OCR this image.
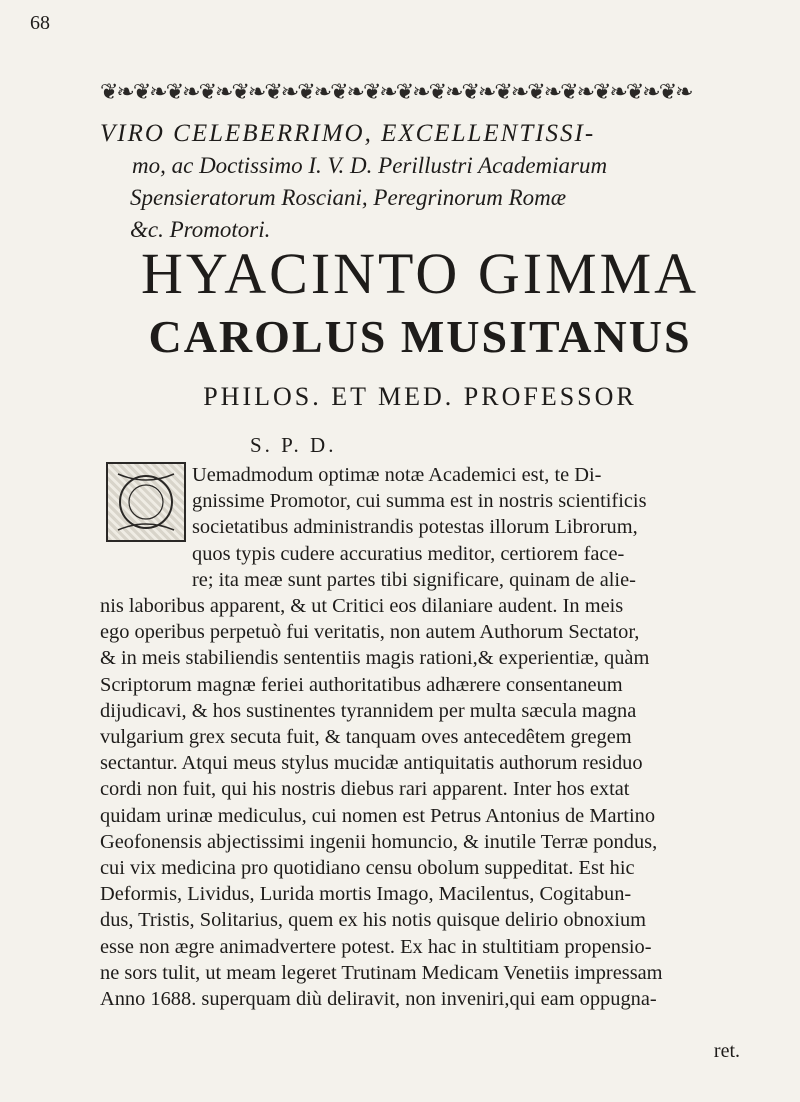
68
❦❧❦❧❦❧❦❧❦❧❦❧❦❧❦❧❦❧❦❧❦❧❦❧❦❧❦❧❦❧❦❧❦❧❦❧

VIRO CELEBERRIMO, EXCELLENTISSI-

mo, ac Doctissimo I. V. D. Perillustri Academiarum

Spensieratorum Rosciani, Peregrinorum Romæ

&c. Promotori.

HYACINTO GIMMA
CAROLUS MUSITANUS
PHILOS. ET MED. PROFESSOR
S. P. D.

Uemadmodum optimæ notæ Academici est, te Di-

gnissime Promotor, cui summa est in nostris scientificis

societatibus administrandis potestas illorum Librorum,

quos typis cudere accuratius meditor, certiorem face-

re; ita meæ sunt partes tibi significare, quinam de alie-

nis laboribus apparent, & ut Critici eos dilaniare audent. In meis

ego operibus perpetuò fui veritatis, non autem Authorum Sectator,

& in meis stabiliendis sententiis magis rationi,& experientiæ, quàm

Scriptorum magnæ feriei authoritatibus adhærere consentaneum

dijudicavi, & hos sustinentes tyrannidem per multa sæcula magna

vulgarium grex secuta fuit, & tanquam oves antecedêtem gregem

sectantur. Atqui meus stylus mucidæ antiquitatis authorum residuo

cordi non fuit, qui his nostris diebus rari apparent. Inter hos extat

quidam urinæ mediculus, cui nomen est Petrus Antonius de Martino

Geofonensis abjectissimi ingenii homuncio, & inutile Terræ pondus,

cui vix medicina pro quotidiano censu obolum suppeditat. Est hic

Deformis, Lividus, Lurida mortis Imago, Macilentus, Cogitabun-

dus, Tristis, Solitarius, quem ex his notis quisque delirio obnoxium

esse non ægre animadvertere potest. Ex hac in stultitiam propensio-

ne sors tulit, ut meam legeret Trutinam Medicam Venetiis impressam

Anno 1688. superquam diù deliravit, non inveniri,qui eam oppugna-

ret.
